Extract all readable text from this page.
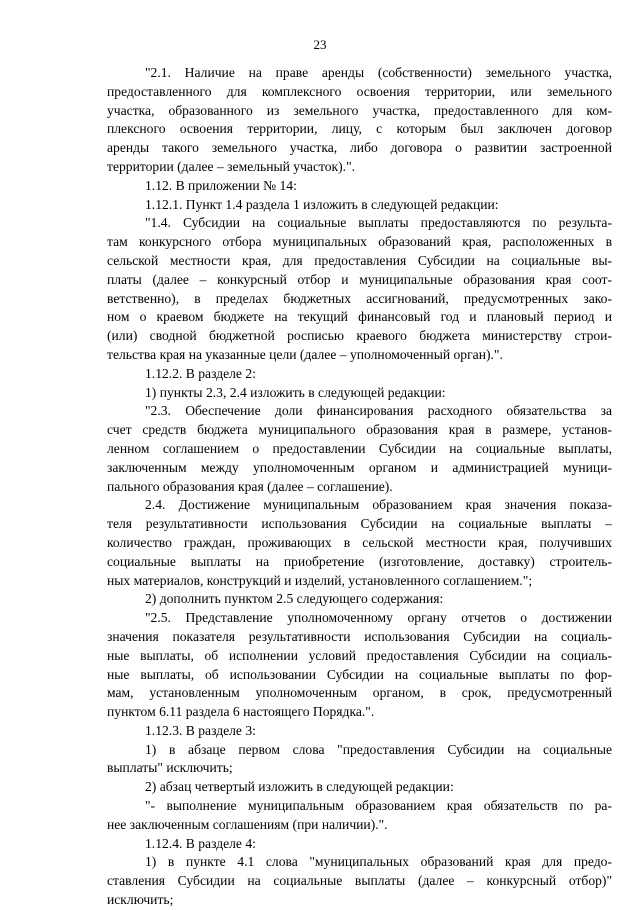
23
"2.1. Наличие на праве аренды (собственности) земельного участка,
предоставленного для комплексного освоения территории, или земельного
участка, образованного из земельного участка, предоставленного для ком-
плексного освоения территории, лицу, с которым был заключен договор
аренды такого земельного участка, либо договора о развитии застроенной
территории (далее – земельный участок).".
1.12. В приложении № 14:
1.12.1. Пункт 1.4 раздела 1 изложить в следующей редакции:
"1.4. Субсидии на социальные выплаты предоставляются по результа-
там конкурсного отбора муниципальных образований края, расположенных в
сельской местности края, для предоставления Субсидии на социальные вы-
платы (далее – конкурсный отбор и муниципальные образования края соот-
ветственно), в пределах бюджетных ассигнований, предусмотренных зако-
ном о краевом бюджете на текущий финансовый год и плановый период и
(или) сводной бюджетной росписью краевого бюджета министерству строи-
тельства края на указанные цели (далее – уполномоченный орган).".
1.12.2. В разделе 2:
1) пункты 2.3, 2.4 изложить в следующей редакции:
"2.3. Обеспечение доли финансирования расходного обязательства за
счет средств бюджета муниципального образования края в размере, установ-
ленном соглашением о предоставлении Субсидии на социальные выплаты,
заключенным между уполномоченным органом и администрацией муници-
пального образования края (далее – соглашение).
2.4. Достижение муниципальным образованием края значения показа-
теля результативности использования Субсидии на социальные выплаты –
количество граждан, проживающих в сельской местности края, получивших
социальные выплаты на приобретение (изготовление, доставку) строитель-
ных материалов, конструкций и изделий, установленного соглашением.";
2) дополнить пунктом 2.5 следующего содержания:
"2.5. Представление уполномоченному органу отчетов о достижении
значения показателя результативности использования Субсидии на социаль-
ные выплаты, об исполнении условий предоставления Субсидии на социаль-
ные выплаты, об использовании Субсидии на социальные выплаты по фор-
мам, установленным уполномоченным органом, в срок, предусмотренный
пунктом 6.11 раздела 6 настоящего Порядка.".
1.12.3. В разделе 3:
1) в абзаце первом слова "предоставления Субсидии на социальные
выплаты" исключить;
2) абзац четвертый изложить в следующей редакции:
"- выполнение муниципальным образованием края обязательств по ра-
нее заключенным соглашениям (при наличии).".
1.12.4. В разделе 4:
1) в пункте 4.1 слова "муниципальных образований края для предо-
ставления Субсидии на социальные выплаты (далее – конкурсный отбор)"
исключить;
